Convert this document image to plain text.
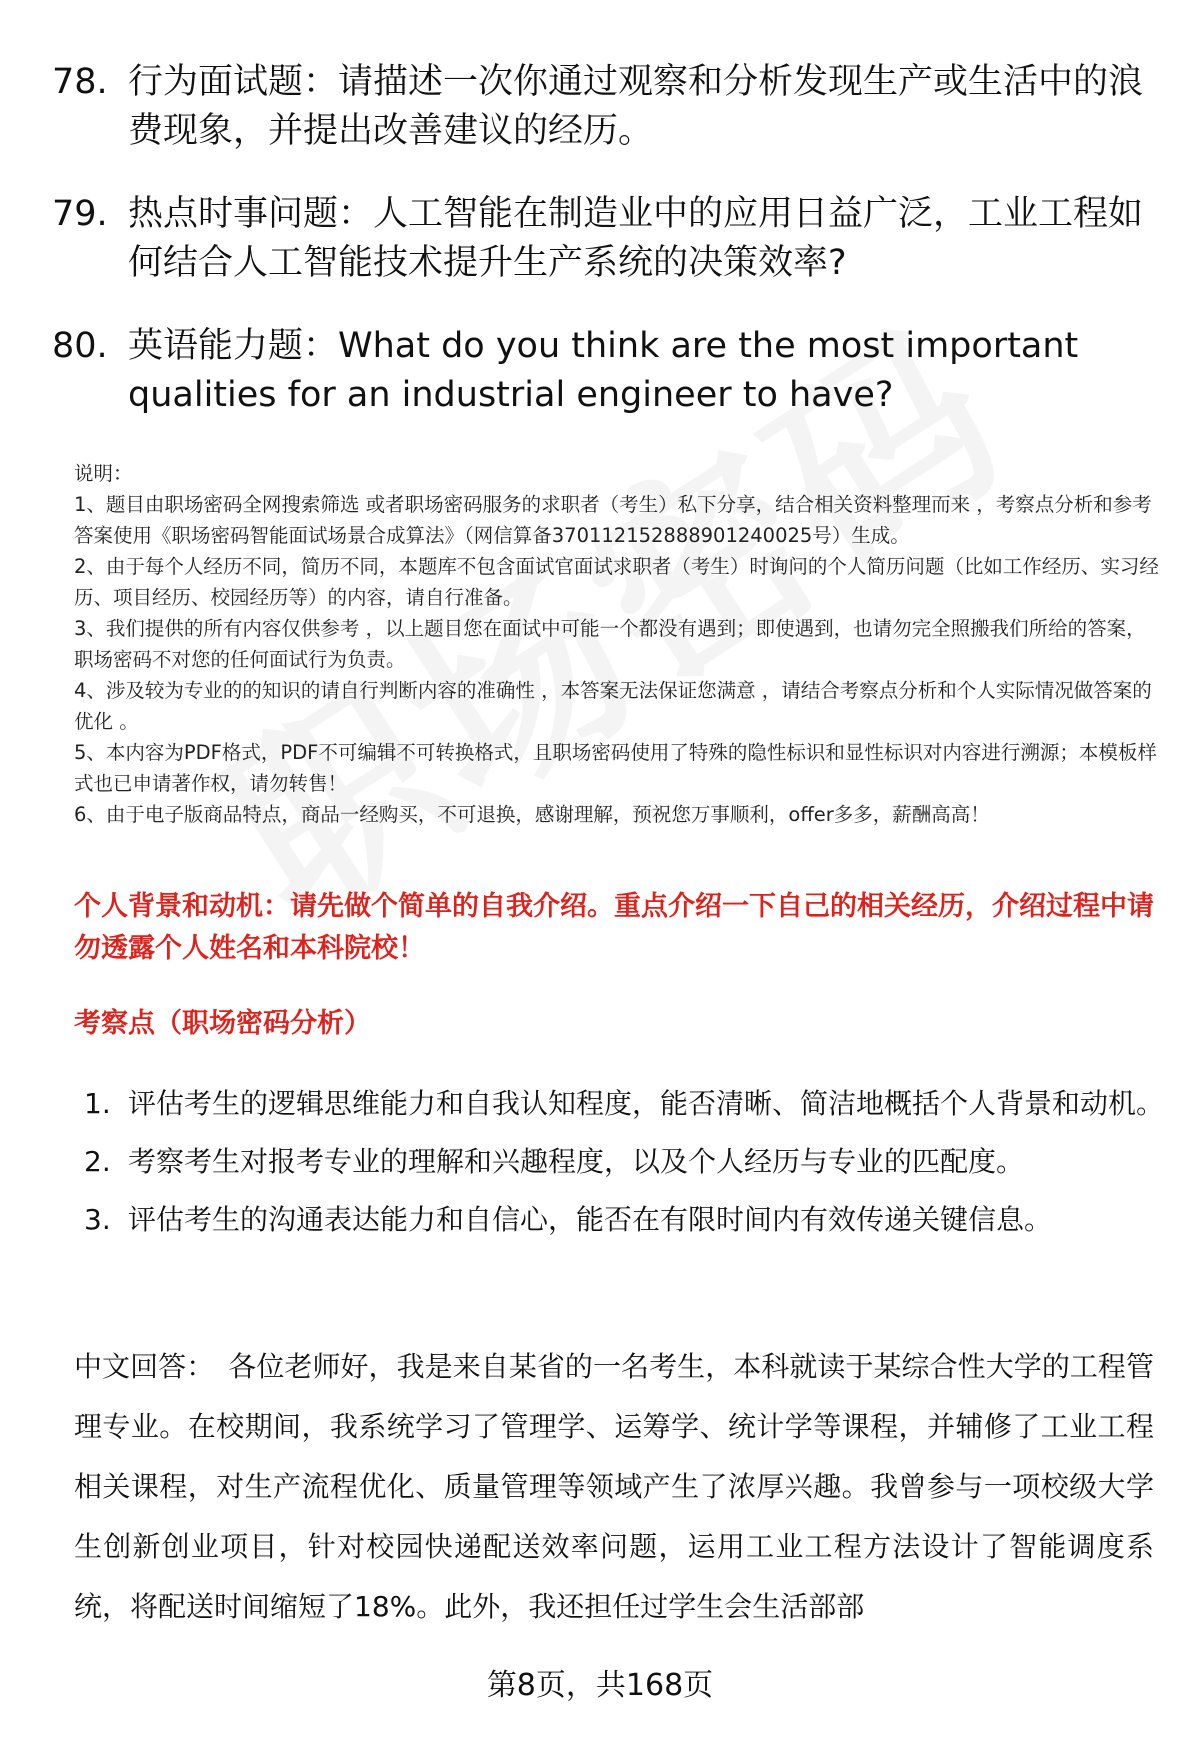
78. 行为面试题：请描述一次你通过观察和分析发现生产或生活中的浪费现象，并提出改善建议的经历。
79. 热点时事问题：人工智能在制造业中的应用日益广泛，工业工程如何结合人工智能技术提升生产系统的决策效率?
80. 英语能力题：What do you think are the most important qualities for an industrial engineer to have?

说明：

1、题目由职场密码全网搜索筛选 或者职场密码服务的求职者（考生）私下分享，结合相关资料整理而来 ，考察点分析和参考答案使用《职场密码智能面试场景合成算法》（网信算备370112152888901240025号）生成。

2、由于每个人经历不同，简历不同，本题库不包含面试官面试求职者（考生）时询问的个人简历问题（比如工作经历、实习经历、项目经历、校园经历等）的内容，请自行准备。

3、我们提供的所有内容仅供参考 ，以上题目您在面试中可能一个都没有遇到；即使遇到，也请勿完全照搬我们所给的答案，职场密码不对您的任何面试行为负责。

4、涉及较为专业的的知识的请自行判断内容的准确性 ，本答案无法保证您满意 ，请结合考察点分析和个人实际情况做答案的优化 。

5、本内容为PDF格式，PDF不可编辑不可转换格式，且职场密码使用了特殊的隐性标识和显性标识对内容进行溯源；本模板样式也已申请著作权，请勿转售！

6、由于电子版商品特点，商品一经购买，不可退换，感谢理解，预祝您万事顺利，offer多多，薪酬高高！

个人背景和动机：请先做个简单的自我介绍。重点介绍一下自己的相关经历，介绍过程中请勿透露个人姓名和本科院校！
考察点（职场密码分析）
1. 评估考生的逻辑思维能力和自我认知程度，能否清晰、简洁地概括个人背景和动机。
2. 考察考生对报考专业的理解和兴趣程度，以及个人经历与专业的匹配度。
3. 评估考生的沟通表达能力和自信心，能否在有限时间内有效传递关键信息。
中文回答： 各位老师好，我是来自某省的一名考生，本科就读于某综合性大学的工程管理专业。在校期间，我系统学习了管理学、运筹学、统计学等课程，并辅修了工业工程相关课程，对生产流程优化、质量管理等领域产生了浓厚兴趣。我曾参与一项校级大学生创新创业项目，针对校园快递配送效率问题，运用工业工程方法设计了智能调度系统，将配送时间缩短了18%。此外，我还担任过学生会生活部部
第8页，共168页
